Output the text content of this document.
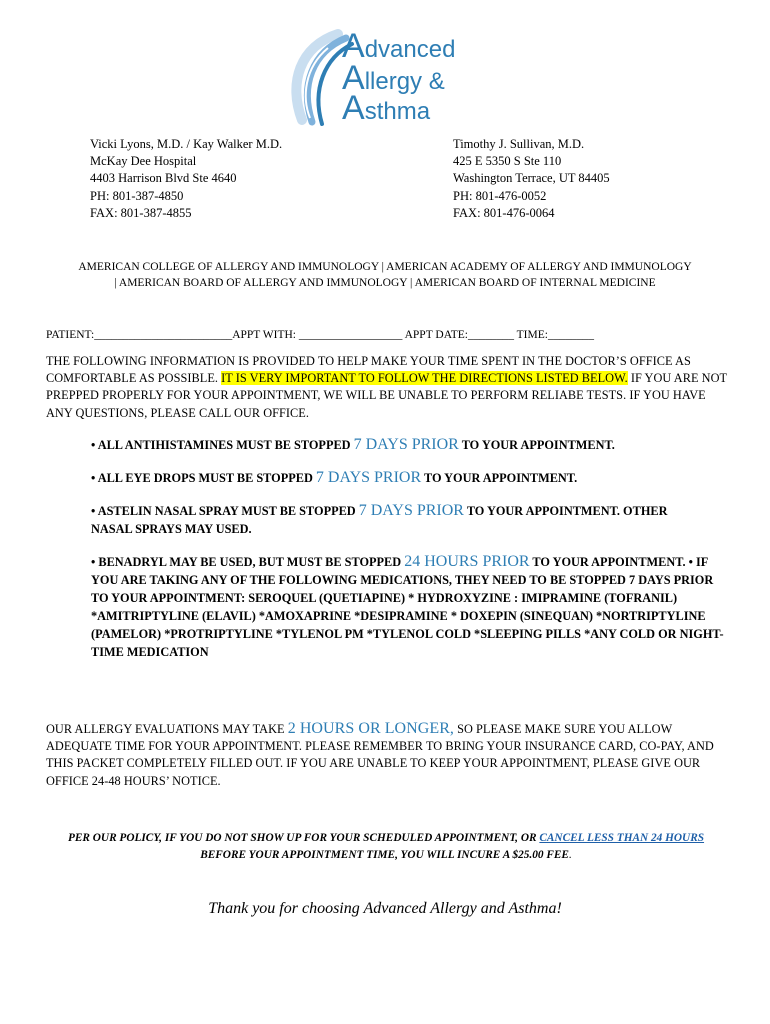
Advanced
Allergy &
Asthma
Vicki Lyons, M.D. / Kay Walker M.D.
McKay Dee Hospital
4403 Harrison Blvd Ste 4640
PH: 801-387-4850
FAX: 801-387-4855
Timothy J. Sullivan, M.D.
425 E 5350 S Ste 110
Washington Terrace, UT 84405
PH: 801-476-0052
FAX: 801-476-0064
AMERICAN COLLEGE OF ALLERGY AND IMMUNOLOGY | AMERICAN ACADEMY OF ALLERGY AND IMMUNOLOGY
| AMERICAN BOARD OF ALLERGY AND IMMUNOLOGY | AMERICAN BOARD OF INTERNAL MEDICINE
PATIENT:________________________APPT WITH: __________________ APPT DATE:________ TIME:________
THE FOLLOWING INFORMATION IS PROVIDED TO HELP MAKE YOUR TIME SPENT IN THE DOCTOR’S OFFICE AS COMFORTABLE AS POSSIBLE. IT IS VERY IMPORTANT TO FOLLOW THE DIRECTIONS LISTED BELOW. IF YOU ARE NOT PREPPED PROPERLY FOR YOUR APPOINTMENT, WE WILL BE UNABLE TO PERFORM RELIABE TESTS. IF YOU HAVE ANY QUESTIONS, PLEASE CALL OUR OFFICE.
• ALL ANTIHISTAMINES MUST BE STOPPED 7 DAYS PRIOR TO YOUR APPOINTMENT.
• ALL EYE DROPS MUST BE STOPPED 7 DAYS PRIOR TO YOUR APPOINTMENT.
• ASTELIN NASAL SPRAY MUST BE STOPPED 7 DAYS PRIOR TO YOUR APPOINTMENT. OTHER NASAL SPRAYS MAY USED.
• BENADRYL MAY BE USED, BUT MUST BE STOPPED 24 HOURS PRIOR TO YOUR APPOINTMENT. • IF YOU ARE TAKING ANY OF THE FOLLOWING MEDICATIONS, THEY NEED TO BE STOPPED 7 DAYS PRIOR TO YOUR APPOINTMENT: SEROQUEL (QUETIAPINE) * HYDROXYZINE : IMIPRAMINE (TOFRANIL) *AMITRIPTYLINE (ELAVIL) *AMOXAPRINE *DESIPRAMINE * DOXEPIN (SINEQUAN) *NORTRIPTYLINE (PAMELOR) *PROTRIPTYLINE *TYLENOL PM *TYLENOL COLD *SLEEPING PILLS *ANY COLD OR NIGHT-TIME MEDICATION
OUR ALLERGY EVALUATIONS MAY TAKE 2 HOURS OR LONGER, SO PLEASE MAKE SURE YOU ALLOW ADEQUATE TIME FOR YOUR APPOINTMENT. PLEASE REMEMBER TO BRING YOUR INSURANCE CARD, CO-PAY, AND THIS PACKET COMPLETELY FILLED OUT. IF YOU ARE UNABLE TO KEEP YOUR APPOINTMENT, PLEASE GIVE OUR OFFICE 24-48 HOURS’ NOTICE.
PER OUR POLICY, IF YOU DO NOT SHOW UP FOR YOUR SCHEDULED APPOINTMENT, OR CANCEL LESS THAN 24 HOURS BEFORE YOUR APPOINTMENT TIME, YOU WILL INCURE A $25.00 FEE.
Thank you for choosing Advanced Allergy and Asthma!
